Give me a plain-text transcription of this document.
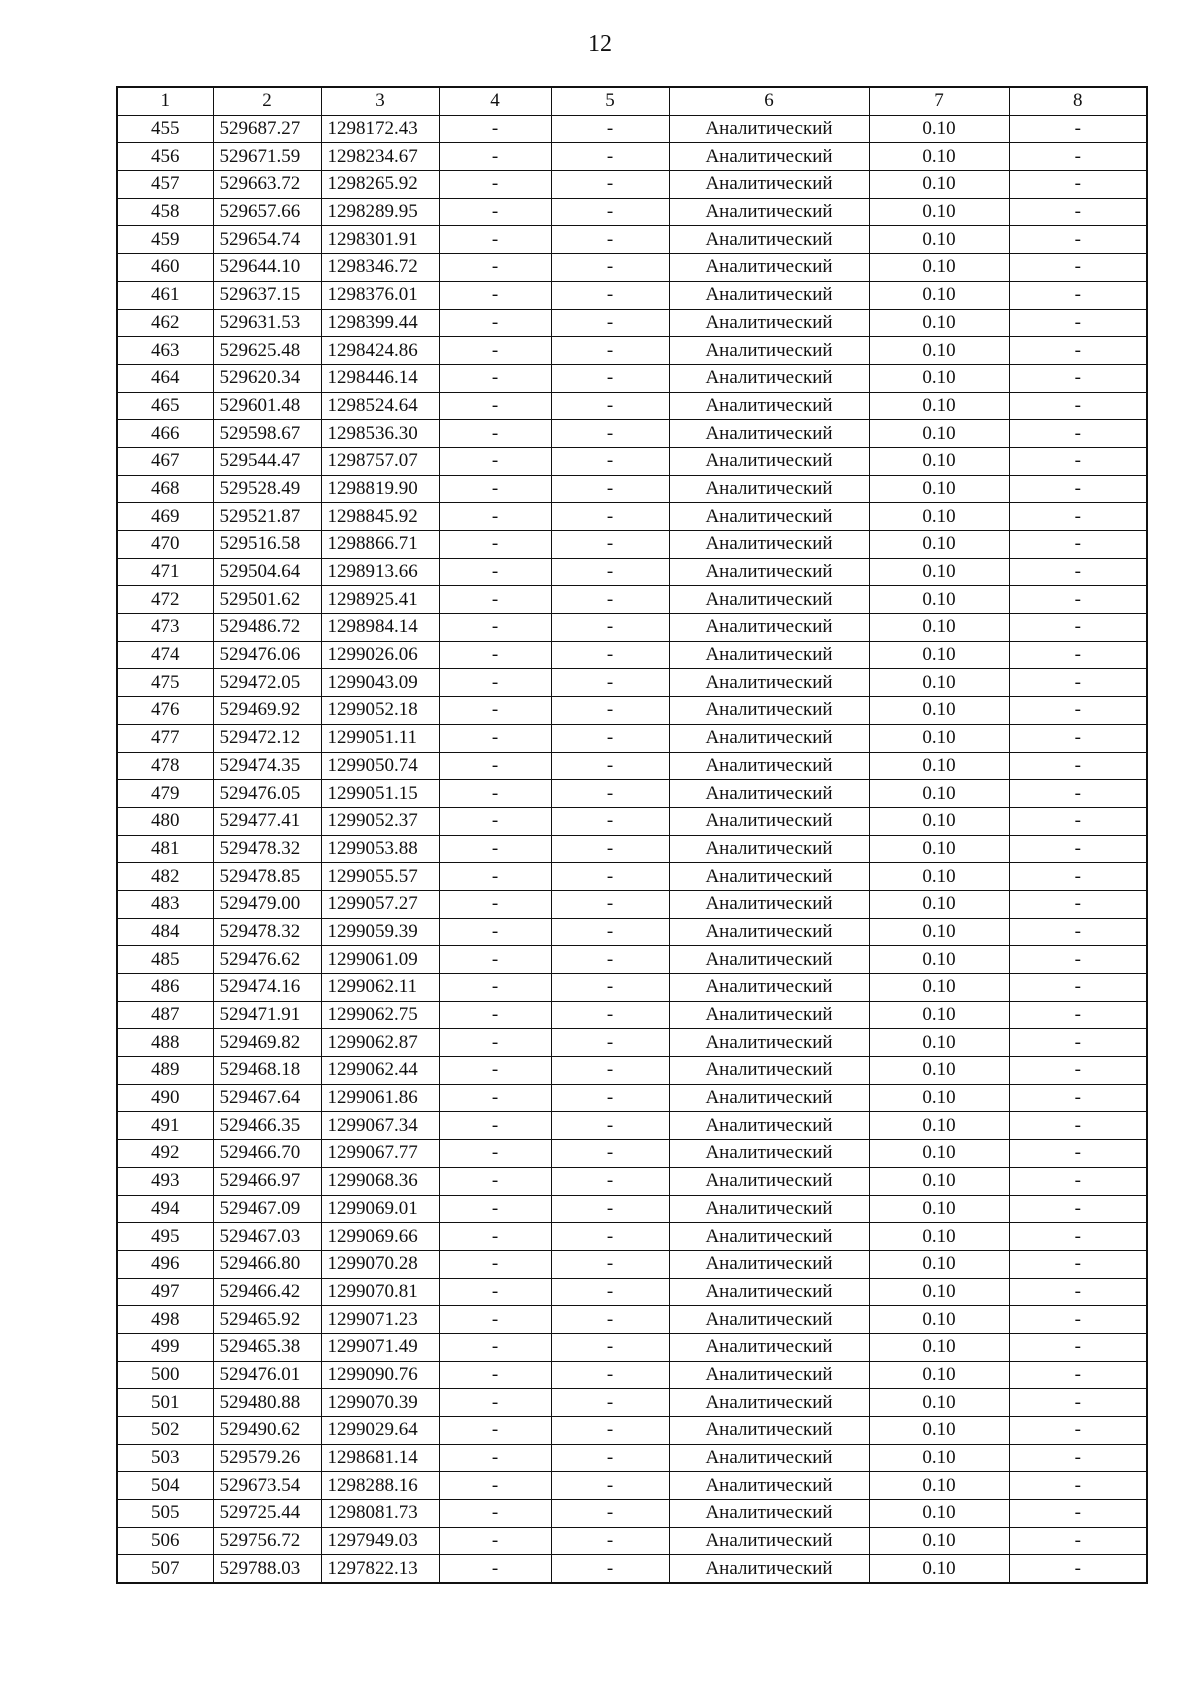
12
1	2	3	4	5	6	7	8
455	529687.27	1298172.43	-	-	Аналитический	0.10	-
456	529671.59	1298234.67	-	-	Аналитический	0.10	-
457	529663.72	1298265.92	-	-	Аналитический	0.10	-
458	529657.66	1298289.95	-	-	Аналитический	0.10	-
459	529654.74	1298301.91	-	-	Аналитический	0.10	-
460	529644.10	1298346.72	-	-	Аналитический	0.10	-
461	529637.15	1298376.01	-	-	Аналитический	0.10	-
462	529631.53	1298399.44	-	-	Аналитический	0.10	-
463	529625.48	1298424.86	-	-	Аналитический	0.10	-
464	529620.34	1298446.14	-	-	Аналитический	0.10	-
465	529601.48	1298524.64	-	-	Аналитический	0.10	-
466	529598.67	1298536.30	-	-	Аналитический	0.10	-
467	529544.47	1298757.07	-	-	Аналитический	0.10	-
468	529528.49	1298819.90	-	-	Аналитический	0.10	-
469	529521.87	1298845.92	-	-	Аналитический	0.10	-
470	529516.58	1298866.71	-	-	Аналитический	0.10	-
471	529504.64	1298913.66	-	-	Аналитический	0.10	-
472	529501.62	1298925.41	-	-	Аналитический	0.10	-
473	529486.72	1298984.14	-	-	Аналитический	0.10	-
474	529476.06	1299026.06	-	-	Аналитический	0.10	-
475	529472.05	1299043.09	-	-	Аналитический	0.10	-
476	529469.92	1299052.18	-	-	Аналитический	0.10	-
477	529472.12	1299051.11	-	-	Аналитический	0.10	-
478	529474.35	1299050.74	-	-	Аналитический	0.10	-
479	529476.05	1299051.15	-	-	Аналитический	0.10	-
480	529477.41	1299052.37	-	-	Аналитический	0.10	-
481	529478.32	1299053.88	-	-	Аналитический	0.10	-
482	529478.85	1299055.57	-	-	Аналитический	0.10	-
483	529479.00	1299057.27	-	-	Аналитический	0.10	-
484	529478.32	1299059.39	-	-	Аналитический	0.10	-
485	529476.62	1299061.09	-	-	Аналитический	0.10	-
486	529474.16	1299062.11	-	-	Аналитический	0.10	-
487	529471.91	1299062.75	-	-	Аналитический	0.10	-
488	529469.82	1299062.87	-	-	Аналитический	0.10	-
489	529468.18	1299062.44	-	-	Аналитический	0.10	-
490	529467.64	1299061.86	-	-	Аналитический	0.10	-
491	529466.35	1299067.34	-	-	Аналитический	0.10	-
492	529466.70	1299067.77	-	-	Аналитический	0.10	-
493	529466.97	1299068.36	-	-	Аналитический	0.10	-
494	529467.09	1299069.01	-	-	Аналитический	0.10	-
495	529467.03	1299069.66	-	-	Аналитический	0.10	-
496	529466.80	1299070.28	-	-	Аналитический	0.10	-
497	529466.42	1299070.81	-	-	Аналитический	0.10	-
498	529465.92	1299071.23	-	-	Аналитический	0.10	-
499	529465.38	1299071.49	-	-	Аналитический	0.10	-
500	529476.01	1299090.76	-	-	Аналитический	0.10	-
501	529480.88	1299070.39	-	-	Аналитический	0.10	-
502	529490.62	1299029.64	-	-	Аналитический	0.10	-
503	529579.26	1298681.14	-	-	Аналитический	0.10	-
504	529673.54	1298288.16	-	-	Аналитический	0.10	-
505	529725.44	1298081.73	-	-	Аналитический	0.10	-
506	529756.72	1297949.03	-	-	Аналитический	0.10	-
507	529788.03	1297822.13	-	-	Аналитический	0.10	-
